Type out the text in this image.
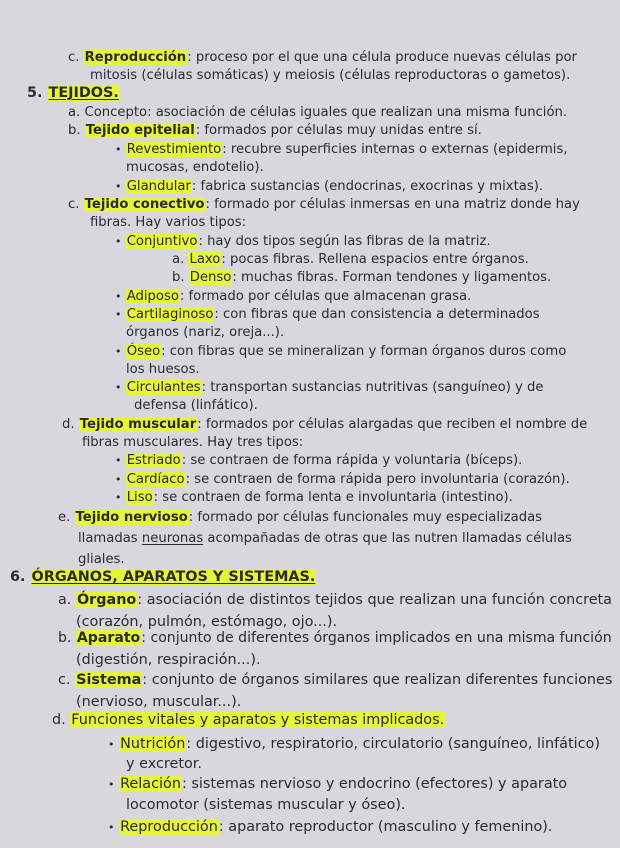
c. Reproducción: proceso por el que una célula produce nuevas células por
mitosis (células somáticas) y meiosis (células reproductoras o gametos).
5. TEJIDOS.
a. Concepto: asociación de células iguales que realizan una misma función.
b. Tejido epitelial: formados por células muy unidas entre sí.
• Revestimiento: recubre superficies internas o externas (epidermis,
mucosas, endotelio).
• Glandular: fabrica sustancias (endocrinas, exocrinas y mixtas).
c. Tejido conectivo: formado por células inmersas en una matriz donde hay
fibras. Hay varios tipos:
• Conjuntivo: hay dos tipos según las fibras de la matriz.
a. Laxo: pocas fibras. Rellena espacios entre órganos.
b. Denso: muchas fibras. Forman tendones y ligamentos.
• Adiposo: formado por células que almacenan grasa.
• Cartilaginoso: con fibras que dan consistencia a determinados
órganos (nariz, oreja...).
• Óseo: con fibras que se mineralizan y forman órganos duros como
los huesos.
• Circulantes: transportan sustancias nutritivas (sanguíneo) y de
defensa (linfático).
d. Tejido muscular: formados por células alargadas que reciben el nombre de
fibras musculares. Hay tres tipos:
• Estriado: se contraen de forma rápida y voluntaria (bíceps).
• Cardíaco: se contraen de forma rápida pero involuntaria (corazón).
• Liso: se contraen de forma lenta e involuntaria (intestino).
e. Tejido nervioso: formado por células funcionales muy especializadas
llamadas neuronas acompañadas de otras que las nutren llamadas células
gliales.
6. ÓRGANOS, APARATOS Y SISTEMAS.
a. Órgano: asociación de distintos tejidos que realizan una función concreta
(corazón, pulmón, estómago, ojo...).
b. Aparato: conjunto de diferentes órganos implicados en una misma función
(digestión, respiración...).
c. Sistema: conjunto de órganos similares que realizan diferentes funciones
(nervioso, muscular...).
d. Funciones vitales y aparatos y sistemas implicados.
• Nutrición: digestivo, respiratorio, circulatorio (sanguíneo, linfático)
y excretor.
• Relación: sistemas nervioso y endocrino (efectores) y aparato
locomotor (sistemas muscular y óseo).
• Reproducción: aparato reproductor (masculino y femenino).
